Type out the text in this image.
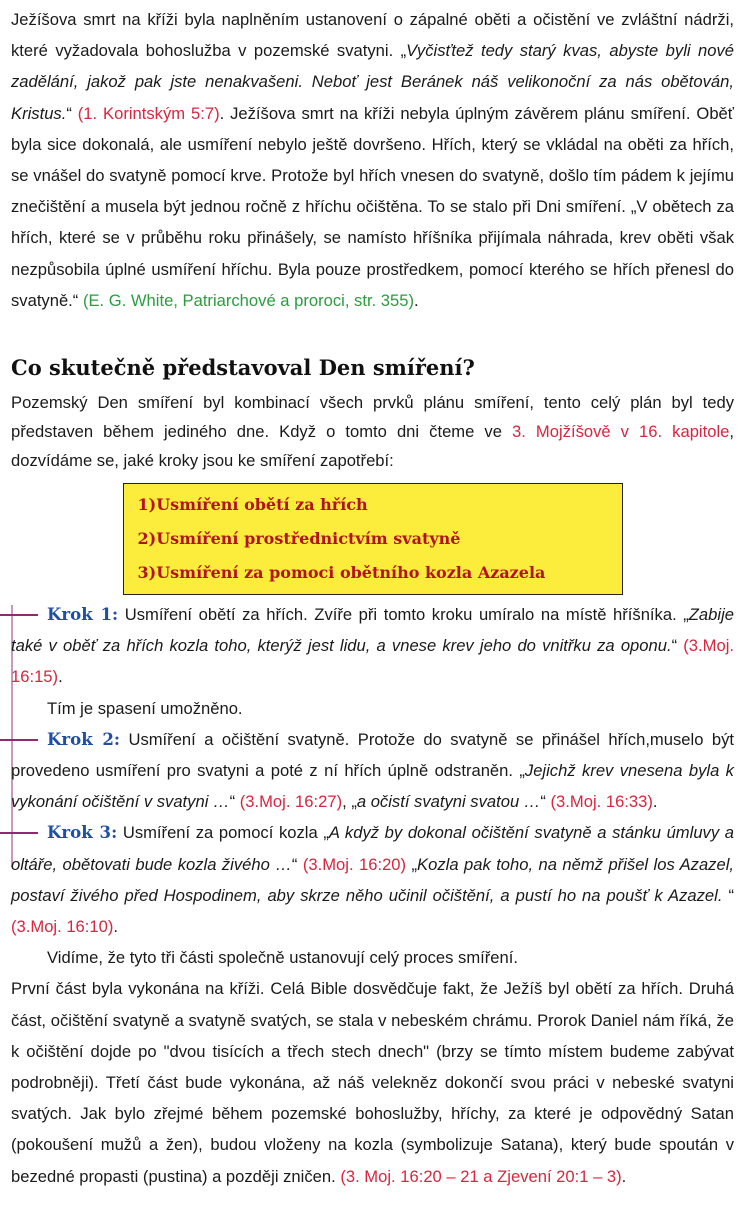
Ježíšova smrt na kříži byla naplněním ustanovení o zápalné oběti a očistění ve zvláštní nádrži, které vyžadovala bohoslužba v pozemské svatyni. „Vyčisťtež tedy starý kvas, abyste byli nové zadělání, jakož pak jste nenakvašeni. Neboť jest Beránek náš velikonoční za nás obětován, Kristus.“ (1. Korintským 5:7). Ježíšova smrt na kříži nebyla úplným závěrem plánu smíření. Oběť byla sice dokonalá, ale usmíření nebylo ještě dovršeno. Hřích, který se vkládal na oběti za hřích, se vnášel do svatyně pomocí krve. Protože byl hřích vnesen do svatyně, došlo tím pádem k jejímu znečištění a musela být jednou ročně z hříchu očištěna. To se stalo při Dni smíření. „V obětech za hřích, které se v průběhu roku přinášely, se namísto hříšníka přijímala náhrada, krev oběti však nezpůsobila úplné usmíření hříchu. Byla pouze prostředkem, pomocí kterého se hřích přenesl do svatyně.“ (E. G. White, Patriarchové a proroci, str. 355).

Co skutečně představoval Den smíření?

Pozemský Den smíření byl kombinací všech prvků plánu smíření, tento celý plán byl tedy představen během jediného dne. Když o tomto dni čteme ve 3. Mojžíšově v 16. kapitole, dozvídáme se, jaké kroky jsou ke smíření zapotřebí:

1)Usmíření obětí za hřích
2)Usmíření prostřednictvím svatyně
3)Usmíření za pomoci obětního kozla Azazela

Krok 1: Usmíření obětí za hřích. Zvíře při tomto kroku umíralo na místě hříšníka. „Zabije také v oběť za hřích kozla toho, kterýž jest lidu, a vnese krev jeho do vnitřku za oponu.“ (3.Moj. 16:15).

Tím je spasení umožněno.

Krok 2: Usmíření a očištění svatyně. Protože do svatyně se přinášel hřích,muselo být provedeno usmíření pro svatyni a poté z ní hřích úplně odstraněn. „Jejichž krev vnesena byla k vykonání očištění v svatyni …“ (3.Moj. 16:27), „a očistí svatyni svatou …“ (3.Moj. 16:33).

Krok 3: Usmíření za pomocí kozla „A když by dokonal očištění svatyně a stánku úmluvy a oltáře, obětovati bude kozla živého …“ (3.Moj. 16:20) „Kozla pak toho, na němž přišel los Azazel, postaví živého před Hospodinem, aby skrze něho učinil očištění, a pustí ho na poušť k Azazel. “ (3.Moj. 16:10).

Vidíme, že tyto tři části společně ustanovují celý proces smíření.

První část byla vykonána na kříži. Celá Bible dosvědčuje fakt, že Ježíš byl obětí za hřích. Druhá část, očištění svatyně a svatyně svatých, se stala v nebeském chrámu. Prorok Daniel nám říká, že k očištění dojde po "dvou tisících a třech stech dnech" (brzy se tímto místem budeme zabývat podrobněji). Třetí část bude vykonána, až náš velekněz dokončí svou práci v nebeské svatyni svatých. Jak bylo zřejmé během pozemské bohoslužby, hříchy, za které je odpovědný Satan (pokoušení mužů a žen), budou vloženy na kozla (symbolizuje Satana), který bude spoután v bezedné propasti (pustina) a později zničen. (3. Moj. 16:20 – 21 a Zjevení 20:1 – 3).
